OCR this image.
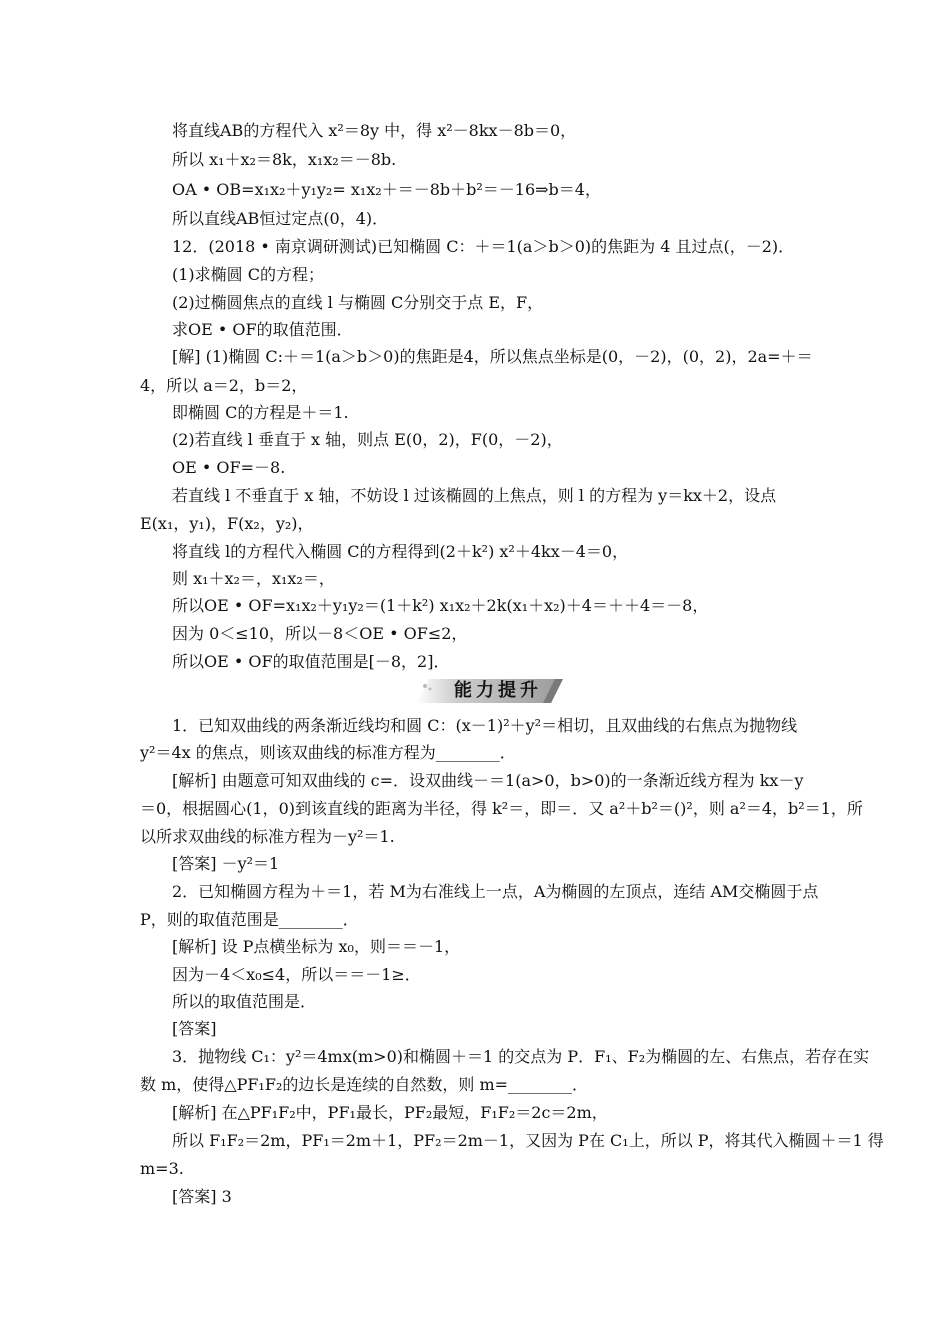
将直线AB的方程代入 x²＝8y 中，得 x²－8kx－8b＝0，
所以 x₁＋x₂＝8k，x₁x₂＝－8b.
OA • OB=x₁x₂＋y₁y₂= x₁x₂＋＝－8b＋b²＝－16⇒b＝4，
所以直线AB恒过定点(0，4)．
12．(2018 • 南京调研测试)已知椭圆 C：＋＝1(a＞b＞0)的焦距为 4 且过点(，－2)．
(1)求椭圆 C的方程；
(2)过椭圆焦点的直线 l 与椭圆 C分别交于点 E，F，
求OE • OF的取值范围．
[解] (1)椭圆 C:＋＝1(a＞b＞0)的焦距是4，所以焦点坐标是(0，－2)，(0，2)，2a=＋＝
4，所以 a＝2，b＝2，
即椭圆 C的方程是＋＝1.
(2)若直线 l 垂直于 x 轴，则点 E(0，2)，F(0，－2)，
OE • OF=－8.
若直线 l 不垂直于 x 轴，不妨设 l 过该椭圆的上焦点，则 l 的方程为 y＝kx＋2，设点
E(x₁，y₁)，F(x₂，y₂)，
将直线 l的方程代入椭圆 C的方程得到(2＋k²) x²＋4kx－4＝0，
则 x₁＋x₂＝，x₁x₂＝，
所以OE • OF=x₁x₂＋y₁y₂＝(1＋k²) x₁x₂＋2k(x₁＋x₂)＋4＝＋＋4＝－8，
因为 0＜≤10，所以－8＜OE • OF≤2，
所以OE • OF的取值范围是[－8，2]．
能力提升
1．已知双曲线的两条渐近线均和圆 C：(x－1)²＋y²＝相切，且双曲线的右焦点为抛物线
y²＝4x 的焦点，则该双曲线的标准方程为________．
[解析] 由题意可知双曲线的 c=．设双曲线－＝1(a>0，b>0)的一条渐近线方程为 kx－y
＝0，根据圆心(1，0)到该直线的距离为半径，得 k²＝，即＝．又 a²＋b²＝()²，则 a²＝4，b²＝1，所
以所求双曲线的标准方程为－y²＝1.
[答案] －y²＝1
2．已知椭圆方程为＋＝1，若 M为右准线上一点，A为椭圆的左顶点，连结 AM交椭圆于点
P，则的取值范围是________．
[解析] 设 P点横坐标为 x₀，则＝＝－1，
因为－4＜x₀≤4，所以＝＝－1≥．
所以的取值范围是．
[答案]
3．抛物线 C₁：y²＝4mx(m>0)和椭圆＋＝1 的交点为 P．F₁、F₂为椭圆的左、右焦点，若存在实
数 m，使得△PF₁F₂的边长是连续的自然数，则 m=________．
[解析] 在△PF₁F₂中，PF₁最长，PF₂最短，F₁F₂＝2c＝2m，
所以 F₁F₂＝2m，PF₁＝2m＋1，PF₂＝2m－1，又因为 P在 C₁上，所以 P，将其代入椭圆＋＝1 得
m=3.
[答案] 3
